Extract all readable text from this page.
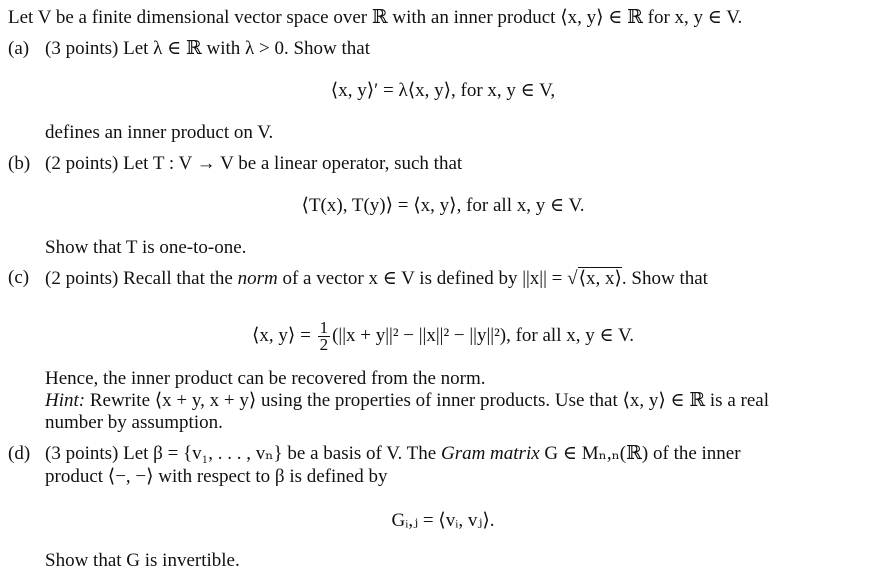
Let V be a finite dimensional vector space over ℝ with an inner product ⟨x, y⟩ ∈ ℝ for x, y ∈ V.
(a) (3 points) Let λ ∈ ℝ with λ > 0. Show that
⟨x, y⟩′ = λ⟨x, y⟩, for x, y ∈ V,
defines an inner product on V.
(b) (2 points) Let T : V → V be a linear operator, such that
⟨T(x), T(y)⟩ = ⟨x, y⟩, for all x, y ∈ V.
Show that T is one-to-one.
(c) (2 points) Recall that the norm of a vector x ∈ V is defined by ||x|| = √⟨x, x⟩. Show that
⟨x, y⟩ = $\frac{1}{2} (||x + y||^2 - ||x||^2 - ||y||^2)$, for all x, y ∈ V.
Hence, the inner product can be recovered from the norm.
Hint: Rewrite ⟨x + y, x + y⟩ using the properties of inner products. Use that ⟨x, y⟩ ∈ ℝ is a real
number by assumption.
(d) (3 points) Let β = {v₁, . . . , vₙ} be a basis of V. The Gram matrix G ∈ Mₙ,ₙ(ℝ) of the inner
product ⟨−, −⟩ with respect to β is defined by
Gᵢ,ⱼ = ⟨vᵢ, vⱼ⟩.
Show that G is invertible.
